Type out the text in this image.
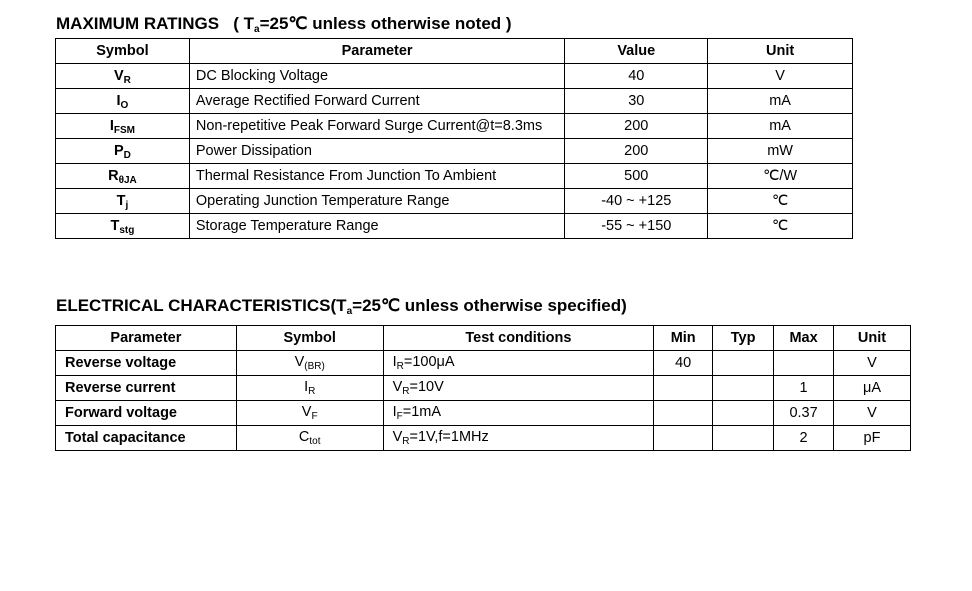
MAXIMUM RATINGS ( $T_a=25℃$ unless otherwise noted )
Symbol	Parameter	Value	Unit
$V_R$	DC Blocking Voltage	40	V
$I_O$	Average Rectified Forward Current	30	mA
$I_{FSM}$	Non-repetitive Peak Forward Surge Current@t=8.3ms	200	mA
$P_D$	Power Dissipation	200	mW
$R_{\theta JA}$	Thermal Resistance From Junction To Ambient	500	℃/W
$T_j$	Operating Junction Temperature Range	-40 ~ +125	℃
$T_{stg}$	Storage Temperature Range	-55 ~ +150	℃
ELECTRICAL $CHARACTERISTICS(T_a=25℃$ unless otherwise specified)
Parameter	Symbol	Test conditions	Min	Typ	Max	Unit
Reverse voltage	$V_{(BR)}$	$I_R=100\mu A$	40			V
Reverse current	$I_R$	$V_R=10V$			1	μA
Forward voltage	$V_F$	$I_F=1mA$			0.37	V
Total capacitance	$C_{tot}$	$V_R=1V,f=1MHz$			2	pF
